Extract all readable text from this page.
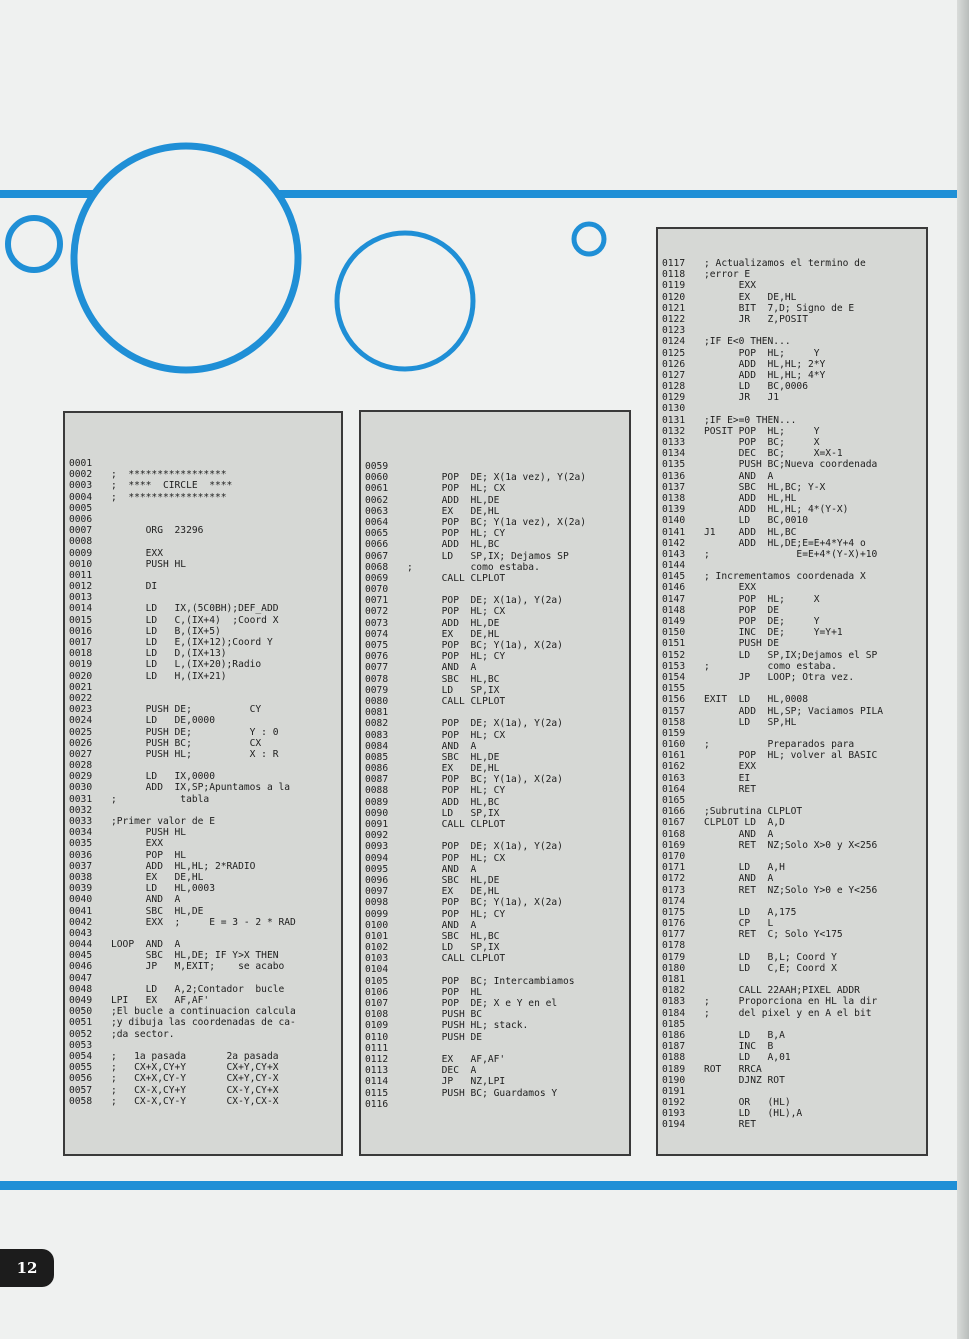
0001
0002	;  *****************
0003	;  ****  CIRCLE  ****
0004	;  *****************
0005
0006
0007	ORG  23296
0008
0009	EXX
0010	PUSH HL
0011
0012	DI
0013
0014	LD   IX,(5C0BH);DEF_ADD
0015	LD   C,(IX+4)  ;Coord X
0016	LD   B,(IX+5)
0017	LD   E,(IX+12);Coord Y
0018	LD   D,(IX+13)
0019	LD   L,(IX+20);Radio
0020	LD   H,(IX+21)
0021
0022
0023	PUSH DE;          CY
0024	LD   DE,0000
0025	PUSH DE;          Y : 0
0026	PUSH BC;          CX
0027	PUSH HL;          X : R
0028
0029	LD   IX,0000
0030	ADD  IX,SP;Apuntamos a la
0031	;           tabla
0032
0033	;Primer valor de E
0034	PUSH HL
0035	EXX
0036	POP  HL
0037	ADD  HL,HL; 2*RADIO
0038	EX   DE,HL
0039	LD   HL,0003
0040	AND  A
0041	SBC  HL,DE
0042	EXX  ;     E = 3 - 2 * RAD
0043
0044	LOOP  AND  A
0045	SBC  HL,DE; IF Y>X THEN
0046	JP   M,EXIT;    se acabo
0047
0048	LD   A,2;Contador  bucle
0049	LPI   EX   AF,AF'
0050	;El bucle a continuacion calcula
0051	;y dibuja las coordenadas de ca-
0052	;da sector.
0053
0054	;   1a pasada       2a pasada
0055	;   CX+X,CY+Y       CX+Y,CY+X
0056	;   CX+X,CY-Y       CX+Y,CY-X
0057	;   CX-X,CY+Y       CX-Y,CY+X
0058	;   CX-X,CY-Y       CX-Y,CX-X
0059
0060	POP  DE; X(1a vez), Y(2a)
0061	POP  HL; CX
0062	ADD  HL,DE
0063	EX   DE,HL
0064	POP  BC; Y(1a vez), X(2a)
0065	POP  HL; CY
0066	ADD  HL,BC
0067	LD   SP,IX; Dejamos SP
0068	;          como estaba.
0069	CALL CLPLOT
0070
0071	POP  DE; X(1a), Y(2a)
0072	POP  HL; CX
0073	ADD  HL,DE
0074	EX   DE,HL
0075	POP  BC; Y(1a), X(2a)
0076	POP  HL; CY
0077	AND  A
0078	SBC  HL,BC
0079	LD   SP,IX
0080	CALL CLPLOT
0081
0082	POP  DE; X(1a), Y(2a)
0083	POP  HL; CX
0084	AND  A
0085	SBC  HL,DE
0086	EX   DE,HL
0087	POP  BC; Y(1a), X(2a)
0088	POP  HL; CY
0089	ADD  HL,BC
0090	LD   SP,IX
0091	CALL CLPLOT
0092
0093	POP  DE; X(1a), Y(2a)
0094	POP  HL; CX
0095	AND  A
0096	SBC  HL,DE
0097	EX   DE,HL
0098	POP  BC; Y(1a), X(2a)
0099	POP  HL; CY
0100	AND  A
0101	SBC  HL,BC
0102	LD   SP,IX
0103	CALL CLPLOT
0104
0105	POP  BC; Intercambiamos
0106	POP  HL
0107	POP  DE; X e Y en el
0108	PUSH BC
0109	PUSH HL; stack.
0110	PUSH DE
0111
0112	EX   AF,AF'
0113	DEC  A
0114	JP   NZ,LPI
0115	PUSH BC; Guardamos Y
0116
0117	; Actualizamos el termino de
0118	;error E
0119	EXX
0120	EX   DE,HL
0121	BIT  7,D; Signo de E
0122	JR   Z,POSIT
0123
0124	;IF E<0 THEN...
0125	POP  HL;     Y
0126	ADD  HL,HL; 2*Y
0127	ADD  HL,HL; 4*Y
0128	LD   BC,0006
0129	JR   J1
0130
0131	;IF E>=0 THEN...
0132	POSIT POP  HL;     Y
0133	POP  BC;     X
0134	DEC  BC;     X=X-1
0135	PUSH BC;Nueva coordenada
0136	AND  A
0137	SBC  HL,BC; Y-X
0138	ADD  HL,HL
0139	ADD  HL,HL; 4*(Y-X)
0140	LD   BC,0010
0141	J1    ADD  HL,BC
0142	ADD  HL,DE;E=E+4*Y+4 o
0143	;               E=E+4*(Y-X)+10
0144
0145	; Incrementamos coordenada X
0146	EXX
0147	POP  HL;     X
0148	POP  DE
0149	POP  DE;     Y
0150	INC  DE;     Y=Y+1
0151	PUSH DE
0152	LD   SP,IX;Dejamos el SP
0153	;          como estaba.
0154	JP   LOOP; Otra vez.
0155
0156	EXIT  LD   HL,0008
0157	ADD  HL,SP; Vaciamos PILA
0158	LD   SP,HL
0159
0160	;          Preparados para
0161	POP  HL; volver al BASIC
0162	EXX
0163	EI
0164	RET
0165
0166	;Subrutina CLPLOT
0167	CLPLOT LD  A,D
0168	AND  A
0169	RET  NZ;Solo X>0 y X<256
0170
0171	LD   A,H
0172	AND  A
0173	RET  NZ;Solo Y>0 e Y<256
0174
0175	LD   A,175
0176	CP   L
0177	RET  C; Solo Y<175
0178
0179	LD   B,L; Coord Y
0180	LD   C,E; Coord X
0181
0182	CALL 22AAH;PIXEL ADDR
0183	;     Proporciona en HL la dir
0184	;     del pixel y en A el bit
0185
0186	LD   B,A
0187	INC  B
0188	LD   A,01
0189	ROT   RRCA
0190	DJNZ ROT
0191
0192	OR   (HL)
0193	LD   (HL),A
0194	RET
12
